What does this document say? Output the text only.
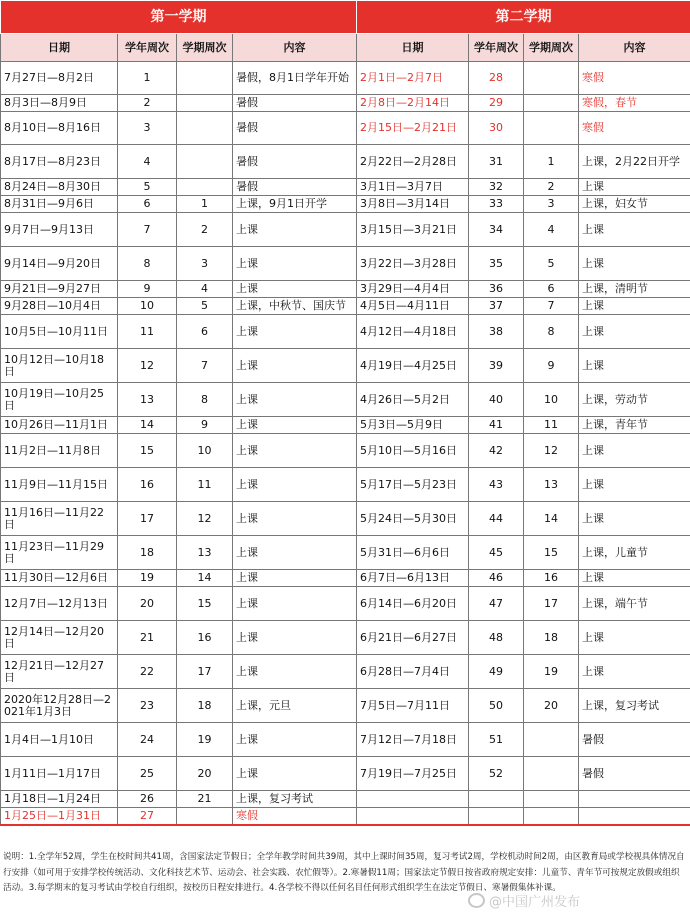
第一学期				第二学期			
日期	学年周次	学期周次	内容	日期	学年周次	学期周次	内容
7月27日—8月2日	1		暑假，8月1日学年开始	2月1日—2月7日	28		寒假
8月3日—8月9日	2		暑假	2月8日—2月14日	29		寒假，春节
8月10日—8月16日	3		暑假	2月15日—2月21日	30		寒假
8月17日—8月23日	4		暑假	2月22日—2月28日	31	1	上课，2月22日开学
8月24日—8月30日	5		暑假	3月1日—3月7日	32	2	上课
8月31日—9月6日	6	1	上课，9月1日开学	3月8日—3月14日	33	3	上课，妇女节
9月7日—9月13日	7	2	上课	3月15日—3月21日	34	4	上课
9月14日—9月20日	8	3	上课	3月22日—3月28日	35	5	上课
9月21日—9月27日	9	4	上课	3月29日—4月4日	36	6	上课，清明节
9月28日—10月4日	10	5	上课，中秋节、国庆节	4月5日—4月11日	37	7	上课
10月5日—10月11日	11	6	上课	4月12日—4月18日	38	8	上课
10月12日—10月18日	12	7	上课	4月19日—4月25日	39	9	上课
10月19日—10月25日	13	8	上课	4月26日—5月2日	40	10	上课，劳动节
10月26日—11月1日	14	9	上课	5月3日—5月9日	41	11	上课，青年节
11月2日—11月8日	15	10	上课	5月10日—5月16日	42	12	上课
11月9日—11月15日	16	11	上课	5月17日—5月23日	43	13	上课
11月16日—11月22日	17	12	上课	5月24日—5月30日	44	14	上课
11月23日—11月29日	18	13	上课	5月31日—6月6日	45	15	上课，儿童节
11月30日—12月6日	19	14	上课	6月7日—6月13日	46	16	上课
12月7日—12月13日	20	15	上课	6月14日—6月20日	47	17	上课，端午节
12月14日—12月20日	21	16	上课	6月21日—6月27日	48	18	上课
12月21日—12月27日	22	17	上课	6月28日—7月4日	49	19	上课
2020年12月28日—2021年1月3日	23	18	上课，元旦	7月5日—7月11日	50	20	上课，复习考试
1月4日—1月10日	24	19	上课	7月12日—7月18日	51		暑假
1月11日—1月17日	25	20	上课	7月19日—7月25日	52		暑假
1月18日—1月24日	26	21	上课，复习考试				
1月25日—1月31日	27		寒假				
说明：1.全学年52周，学生在校时间共41周，含国家法定节假日；全学年教学时间共39周，其中上课时间35周，复习考试2周，学校机动时间2周，由区教育局或学校视具体情况自行安排（如可用于安排学校传统活动、文化科技艺术节、运动会、社会实践、农忙假等）。2.寒暑假11周；国家法定节假日按省政府规定安排：儿童节、青年节可按规定放假或组织活动。3.每学期末的复习考试由学校自行组织，按校历日程安排进行。4.各学校不得以任何名目任何形式组织学生在法定节假日、寒暑假集体补课。
@中国广州发布
